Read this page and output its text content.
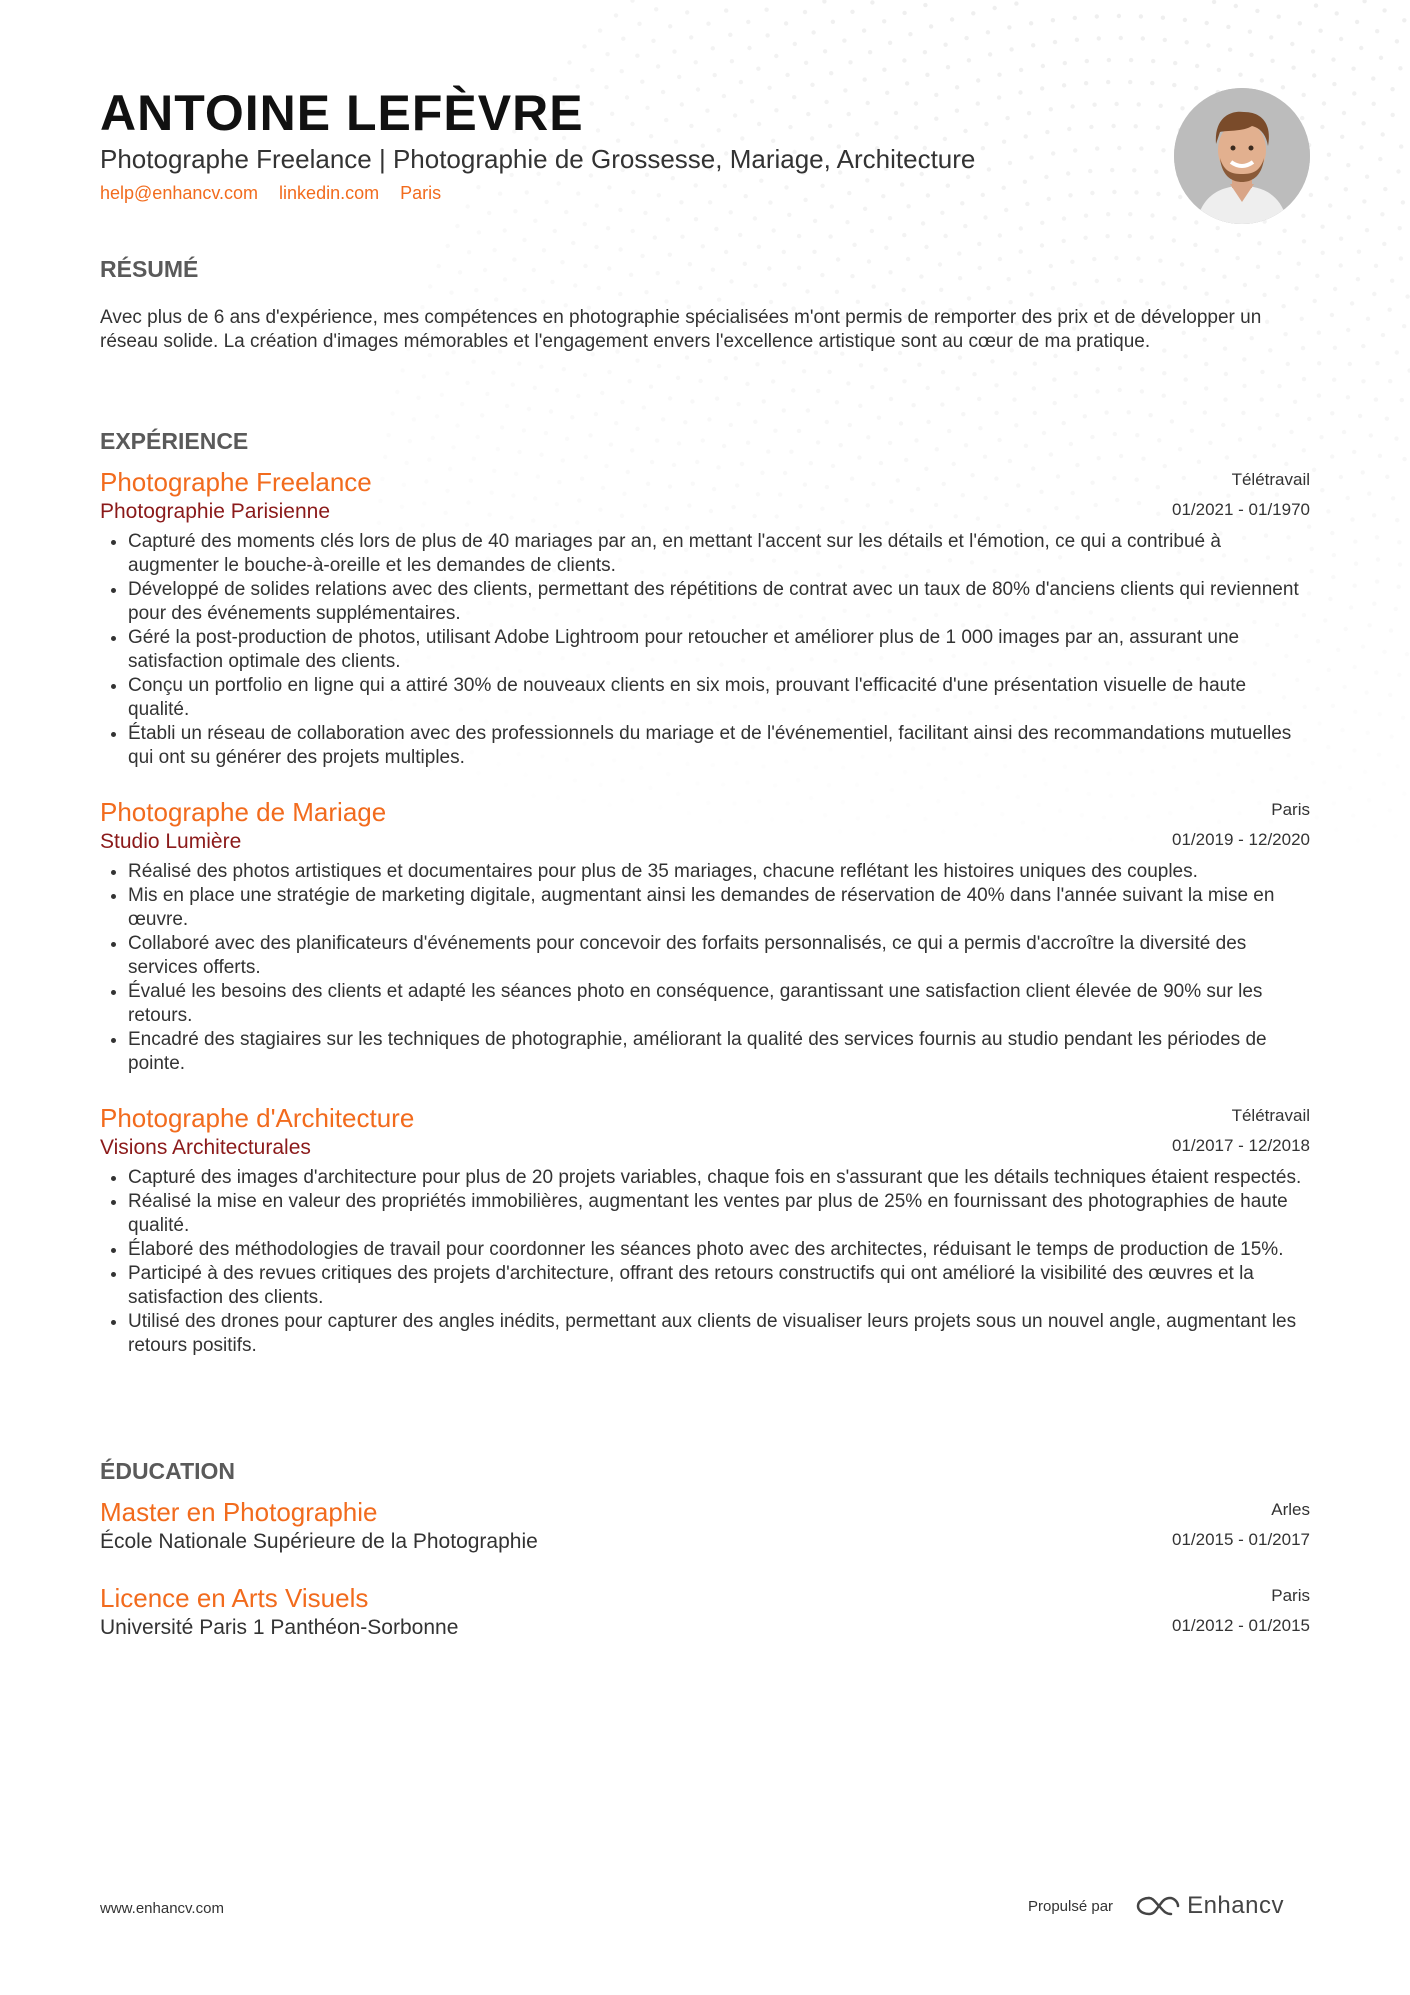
ANTOINE LEFÈVRE
Photographe Freelance | Photographie de Grossesse, Mariage, Architecture
help@enhancv.com linkedin.com Paris
RÉSUMÉ
Avec plus de 6 ans d'expérience, mes compétences en photographie spécialisées m'ont permis de remporter des prix et de développer un réseau solide. La création d'images mémorables et l'engagement envers l'excellence artistique sont au cœur de ma pratique.
EXPÉRIENCE
Photographe Freelance
Photographie Parisienne
Télétravail
01/2021 - 01/1970
• Capturé des moments clés lors de plus de 40 mariages par an, en mettant l'accent sur les détails et l'émotion, ce qui a contribué à augmenter le bouche-à-oreille et les demandes de clients.
• Développé de solides relations avec des clients, permettant des répétitions de contrat avec un taux de 80% d'anciens clients qui reviennent pour des événements supplémentaires.
• Géré la post-production de photos, utilisant Adobe Lightroom pour retoucher et améliorer plus de 1 000 images par an, assurant une satisfaction optimale des clients.
• Conçu un portfolio en ligne qui a attiré 30% de nouveaux clients en six mois, prouvant l'efficacité d'une présentation visuelle de haute qualité.
• Établi un réseau de collaboration avec des professionnels du mariage et de l'événementiel, facilitant ainsi des recommandations mutuelles qui ont su générer des projets multiples.
Photographe de Mariage
Studio Lumière
Paris
01/2019 - 12/2020
• Réalisé des photos artistiques et documentaires pour plus de 35 mariages, chacune reflétant les histoires uniques des couples.
• Mis en place une stratégie de marketing digitale, augmentant ainsi les demandes de réservation de 40% dans l'année suivant la mise en œuvre.
• Collaboré avec des planificateurs d'événements pour concevoir des forfaits personnalisés, ce qui a permis d'accroître la diversité des services offerts.
• Évalué les besoins des clients et adapté les séances photo en conséquence, garantissant une satisfaction client élevée de 90% sur les retours.
• Encadré des stagiaires sur les techniques de photographie, améliorant la qualité des services fournis au studio pendant les périodes de pointe.
Photographe d'Architecture
Visions Architecturales
Télétravail
01/2017 - 12/2018
• Capturé des images d'architecture pour plus de 20 projets variables, chaque fois en s'assurant que les détails techniques étaient respectés.
• Réalisé la mise en valeur des propriétés immobilières, augmentant les ventes par plus de 25% en fournissant des photographies de haute qualité.
• Élaboré des méthodologies de travail pour coordonner les séances photo avec des architectes, réduisant le temps de production de 15%.
• Participé à des revues critiques des projets d'architecture, offrant des retours constructifs qui ont amélioré la visibilité des œuvres et la satisfaction des clients.
• Utilisé des drones pour capturer des angles inédits, permettant aux clients de visualiser leurs projets sous un nouvel angle, augmentant les retours positifs.
ÉDUCATION
Master en Photographie
École Nationale Supérieure de la Photographie
Arles
01/2015 - 01/2017
Licence en Arts Visuels
Université Paris 1 Panthéon-Sorbonne
Paris
01/2012 - 01/2015
www.enhancv.com	Propulsé par	Enhancv
